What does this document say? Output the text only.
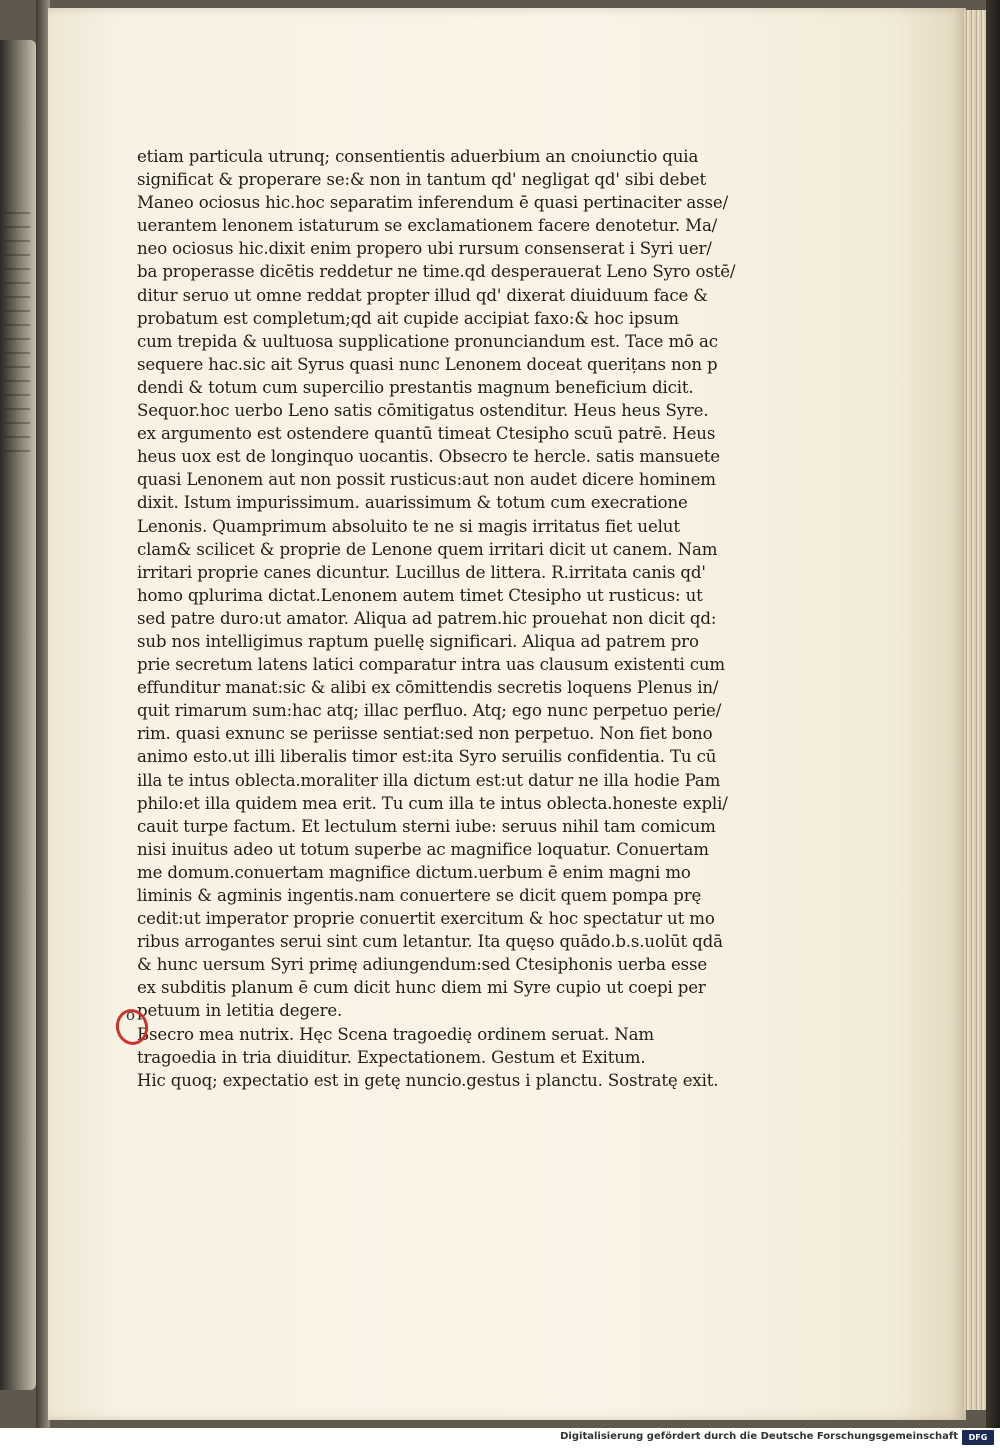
etiam particula utrunq; consentientis aduerbium an cnoiunctio quia
significat & properare se:& non in tantum qd' negligat qd' sibi debet
Maneo ociosus hic.hoc separatim inferendum ē quasi pertinaciter asse/
uerantem lenonem istaturum se exclamationem facere denotetur. Ma/
neo ociosus hic.dixit enim propero ubi rursum consenserat i Syri uer/
ba properasse dicētis reddetur ne time.qd desperauerat Leno Syro ostē/
ditur seruo ut omne reddat propter illud qd' dixerat diuiduum face &
probatum est completum;qd ait cupide accipiat faxo:& hoc ipsum
cum trepida & uultuosa supplicatione pronunciandum est. Tace mō ac
sequere hac.sic ait Syrus quasi nunc Lenonem doceat querițans non p
dendi & totum cum supercilio prestantis magnum beneficium dicit.
Sequor.hoc uerbo Leno satis cōmitigatus ostenditur. Heus heus Syre.
ex argumento est ostendere quantū timeat Ctesipho scuū patrē. Heus
heus uox est de longinquo uocantis. Obsecro te hercle. satis mansuete
quasi Lenonem aut non possit rusticus:aut non audet dicere hominem
dixit. Istum impurissimum. auarissimum & totum cum execratione
Lenonis. Quamprimum absoluito te ne si magis irritatus fiet uelut
clam& scilicet & proprie de Lenone quem irritari dicit ut canem. Nam
irritari proprie canes dicuntur. Lucillus de littera. R.irritata canis qd'
homo qplurima dictat.Lenonem autem timet Ctesipho ut rusticus: ut
sed patre duro:ut amator. Aliqua ad patrem.hic prouehat non dicit qd:
sub nos intelligimus raptum puellę significari. Aliqua ad patrem pro
prie secretum latens latici comparatur intra uas clausum existenti cum
effunditur manat:sic & alibi ex cōmittendis secretis loquens Plenus in/
quit rimarum sum:hac atq; illac perfluo. Atq; ego nunc perpetuo perie/
rim. quasi exnunc se periisse sentiat:sed non perpetuo. Non fiet bono
animo esto.ut illi liberalis timor est:ita Syro seruilis confidentia. Tu cū
illa te intus oblecta.moraliter illa dictum est:ut datur ne illa hodie Pam
philo:et illa quidem mea erit. Tu cum illa te intus oblecta.honeste expli/
cauit turpe factum. Et lectulum sterni iube: seruus nihil tam comicum
nisi inuitus adeo ut totum superbe ac magnifice loquatur. Conuertam
me domum.conuertam magnifice dictum.uerbum ē enim magni mo
liminis & agminis ingentis.nam conuertere se dicit quem pompa prę
cedit:ut imperator proprie conuertit exercitum & hoc spectatur ut mo
ribus arrogantes serui sint cum letantur. Ita quęso quādo.b.s.uolūt qdā
& hunc uersum Syri primę adiungendum:sed Ctesiphonis uerba esse
ex subditis planum ē cum dicit hunc diem mi Syre cupio ut coepi per
petuum in letitia degere.
Bsecro mea nutrix. Hęc Scena tragoedię ordinem seruat. Nam
tragoedia in tria diuiditur. Expectationem. Gestum et Exitum.
Hic quoq; expectatio est in getę nuncio.gestus i planctu. Sostratę exit.
o
Digitalisierung gefördert durch die Deutsche Forschungsgemeinschaft	DFG
